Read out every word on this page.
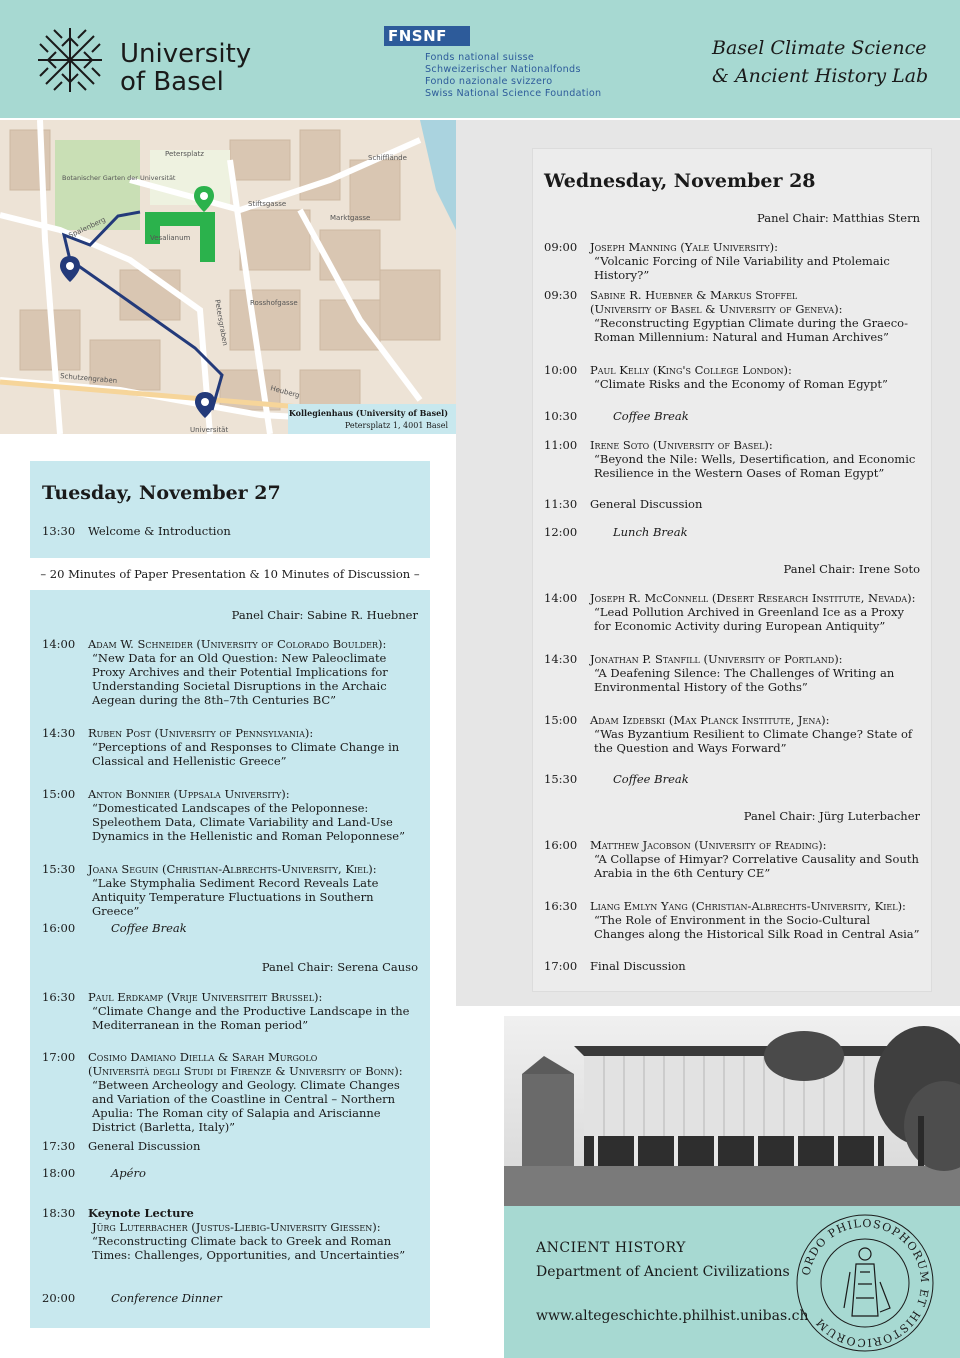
University
of Basel
FNSNF
Fonds national suisse
Schweizerischer Nationalfonds
Fondo nazionale svizzero
Swiss National Science Foundation
Basel Climate Science
& Ancient History Lab
Petersplatz
Petersgraben
Spalenberg
Schutzengraben
Universität
Vesalianum
Heuberg
Rosshofgasse
Stiftsgasse
Botanischer Garten der Universität
Schifflände
Marktgasse
Kollegienhaus (University of Basel)
Petersplatz 1, 4001 Basel
– 20 Minutes of Paper Presentation & 10 Minutes of Discussion –
Tuesday, November 27
13:30	Welcome & Introduction
Panel Chair: Sabine R. Huebner
14:00	Adam W. Schneider (University of Colorado Boulder):
“New Data for an Old Question: New Paleoclimate Proxy Archives and their Potential Implications for Understanding Societal Disruptions in the Archaic Aegean during the 8th–7th Centuries BC”
14:30	Ruben Post (University of Pennsylvania):
“Perceptions of and Responses to Climate Change in Classical and Hellenistic Greece”
15:00	Anton Bonnier (Uppsala University):
“Domesticated Landscapes of the Peloponnese: Speleothem Data, Climate Variability and Land-Use Dynamics in the Hellenistic and Roman Peloponnese”
15:30	Joana Seguin (Christian-Albrechts-University, Kiel):
“Lake Stymphalia Sediment Record Reveals Late Antiquity Temperature Fluctuations in Southern Greece”
16:00	Coffee Break
Panel Chair: Serena Causo
16:30	Paul Erdkamp (Vrije Universiteit Brussel):
“Climate Change and the Productive Landscape in the Mediterranean in the Roman period”
17:00	Cosimo Damiano Diella & Sarah Murgolo
(Università degli Studi di Firenze & University of Bonn):
“Between Archeology and Geology. Climate Changes and Variation of the Coastline in Central – Northern Apulia: The Roman city of Salapia and Ariscianne District (Barletta, Italy)”
17:30	General Discussion
18:00	Apéro
18:30	Keynote Lecture
Jürg Luterbacher (Justus-Liebig-University Giessen):
“Reconstructing Climate back to Greek and Roman Times: Challenges, Opportunities, and Uncertainties”
20:00	Conference Dinner
Wednesday, November 28
Panel Chair: Matthias Stern
09:00	Joseph Manning (Yale University):
“Volcanic Forcing of Nile Variability and Ptolemaic History?”
09:30	Sabine R. Huebner & Markus Stoffel
(University of Basel & University of Geneva):
“Reconstructing Egyptian Climate during the Graeco-Roman Millennium: Natural and Human Archives”
10:00	Paul Kelly (King's College London):
“Climate Risks and the Economy of Roman Egypt”
10:30	Coffee Break
11:00	Irene Soto (University of Basel):
“Beyond the Nile: Wells, Desertification, and Economic Resilience in the Western Oases of Roman Egypt”
11:30	General Discussion
12:00	Lunch Break
Panel Chair: Irene Soto
14:00	Joseph R. McConnell (Desert Research Institute, Nevada):
“Lead Pollution Archived in Greenland Ice as a Proxy for Economic Activity during European Antiquity”
14:30	Jonathan P. Stanfill (University of Portland):
“A Deafening Silence: The Challenges of Writing an Environmental History of the Goths”
15:00	Adam Izdebski (Max Planck Institute, Jena):
“Was Byzantium Resilient to Climate Change? State of the Question and Ways Forward”
15:30	Coffee Break
Panel Chair: Jürg Luterbacher
16:00	Matthew Jacobson (University of Reading):
“A Collapse of Himyar? Correlative Causality and South Arabia in the 6th Century CE”
16:30	Liang Emlyn Yang (Christian-Albrechts-University, Kiel):
“The Role of Environment in the Socio-Cultural Changes along the Historical Silk Road in Central Asia”
17:00	Final Discussion
ANCIENT HISTORY
Department of Ancient Civilizations
www.altegeschichte.philhist.unibas.ch
ORDO PHILOSOPHORUM ET HISTORICORUM
